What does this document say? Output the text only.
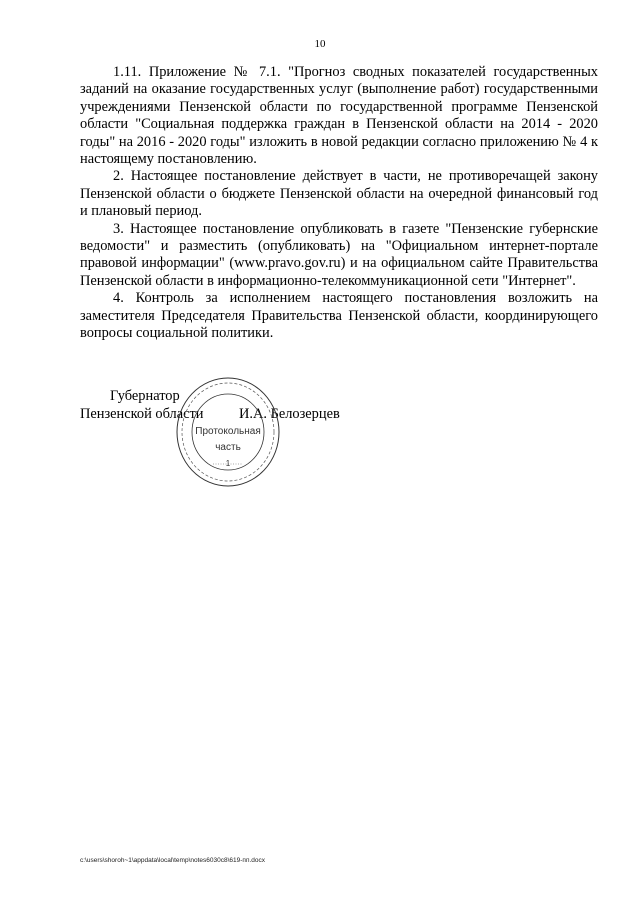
10

1.11. Приложение № 7.1. "Прогноз сводных показателей государственных заданий на оказание государственных услуг (выполнение работ) государственными учреждениями Пензенской области по государственной программе Пензенской области "Социальная поддержка граждан в Пензенской области на 2014 - 2020 годы" на 2016 - 2020 годы" изложить в новой редакции согласно приложению № 4 к настоящему постановлению.

2. Настоящее постановление действует в части, не противоречащей закону Пензенской области о бюджете Пензенской области на очередной финансовый год и плановый период.

3. Настоящее постановление опубликовать в газете "Пензенские губернские ведомости" и разместить (опубликовать) на "Официальном интернет-портале правовой информации" (www.pravo.gov.ru) и на официальном сайте Правительства Пензенской области в информационно-телекоммуникационной сети "Интернет".

4. Контроль за исполнением настоящего постановления возложить на заместителя Председателя Правительства Пензенской области, координирующего вопросы социальной политики.

Губернатор
Пензенской области И.А. Белозерцев
Протокольная
часть
1
c:\users\shoroh~1\appdata\local\temp\notes6030c8\619-пп.docx
